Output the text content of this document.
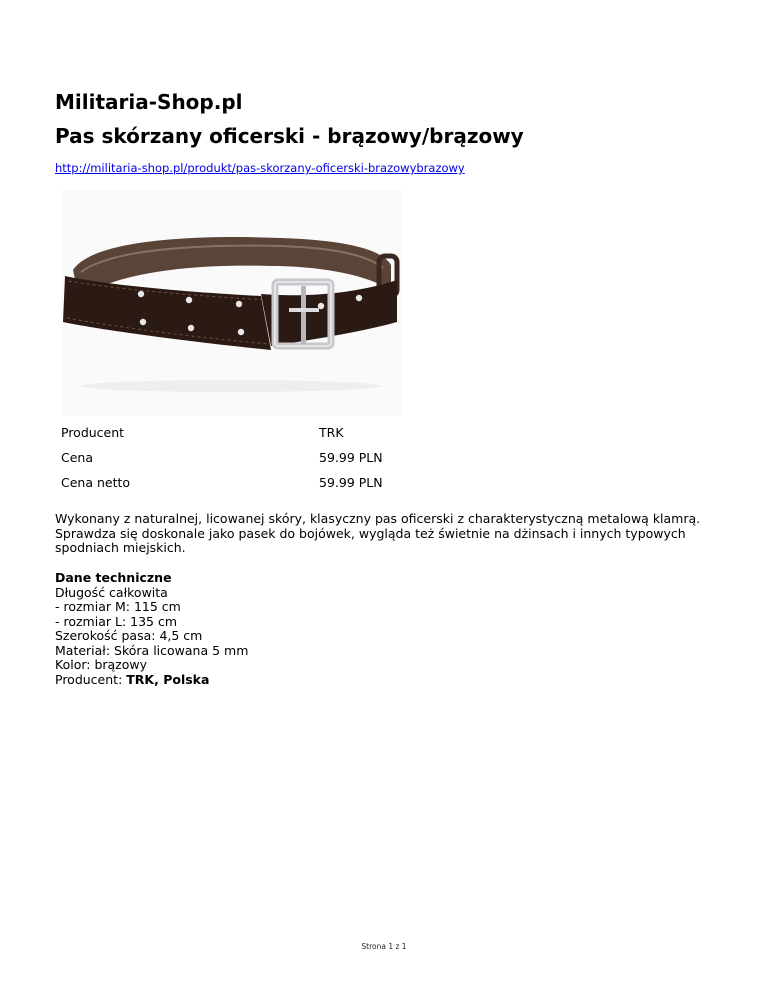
Militaria-Shop.pl
Pas skórzany oficerski - brązowy/brązowy
http://militaria-shop.pl/produkt/pas-skorzany-oficerski-brazowybrazowy
Producent	TRK
Cena	59.99 PLN
Cena netto	59.99 PLN

Wykonany z naturalnej, licowanej skóry, klasyczny pas oficerski z charakterystyczną metalową klamrą. Sprawdza się doskonale jako pasek do bojówek, wygląda też świetnie na dżinsach i innych typowych spodniach miejskich.

Dane techniczne
Długość całkowita
- rozmiar M: 115 cm
- rozmiar L: 135 cm
Szerokość pasa: 4,5 cm
Materiał: Skóra licowana 5 mm
Kolor: brązowy
Producent: TRK, Polska
Strona 1 z 1
